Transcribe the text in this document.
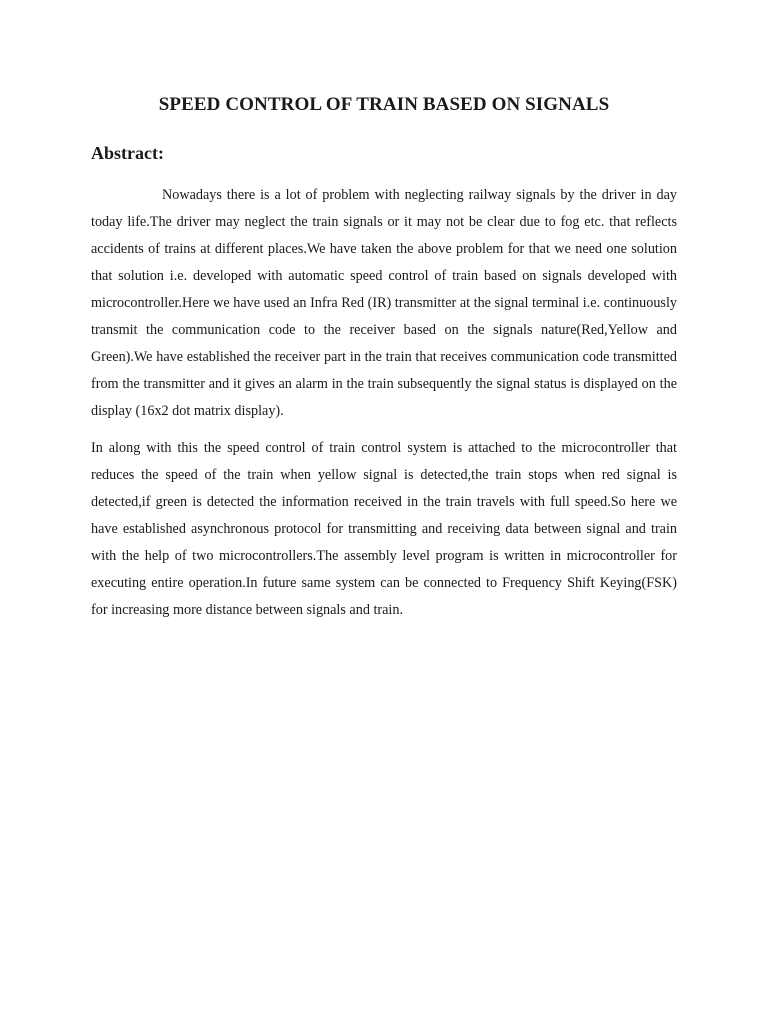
SPEED CONTROL OF TRAIN BASED ON SIGNALS
Abstract:

Nowadays there is a lot of problem with neglecting railway signals by the driver in day today life.The driver may neglect the train signals or it may not be clear due to fog etc. that reflects accidents of trains at different places.We have taken the above problem for that we need one solution that solution i.e. developed with automatic speed control of train based on signals developed with microcontroller.Here we have used an Infra Red (IR) transmitter at the signal terminal i.e. continuously transmit the communication code to the receiver based on the signals nature(Red,Yellow and Green).We have established the receiver part in the train that receives communication code transmitted from the transmitter and it gives an alarm in the train subsequently the signal status is displayed on the display (16x2 dot matrix display).

In along with this the speed control of train control system is attached to the microcontroller that reduces the speed of the train when yellow signal is detected,the train stops when red signal is detected,if green is detected the information received in the train travels with full speed.So here we have established asynchronous protocol for transmitting and receiving data between signal and train with the help of two microcontrollers.The assembly level program is written in microcontroller for executing entire operation.In future same system can be connected to Frequency Shift Keying(FSK) for increasing more distance between signals and train.
